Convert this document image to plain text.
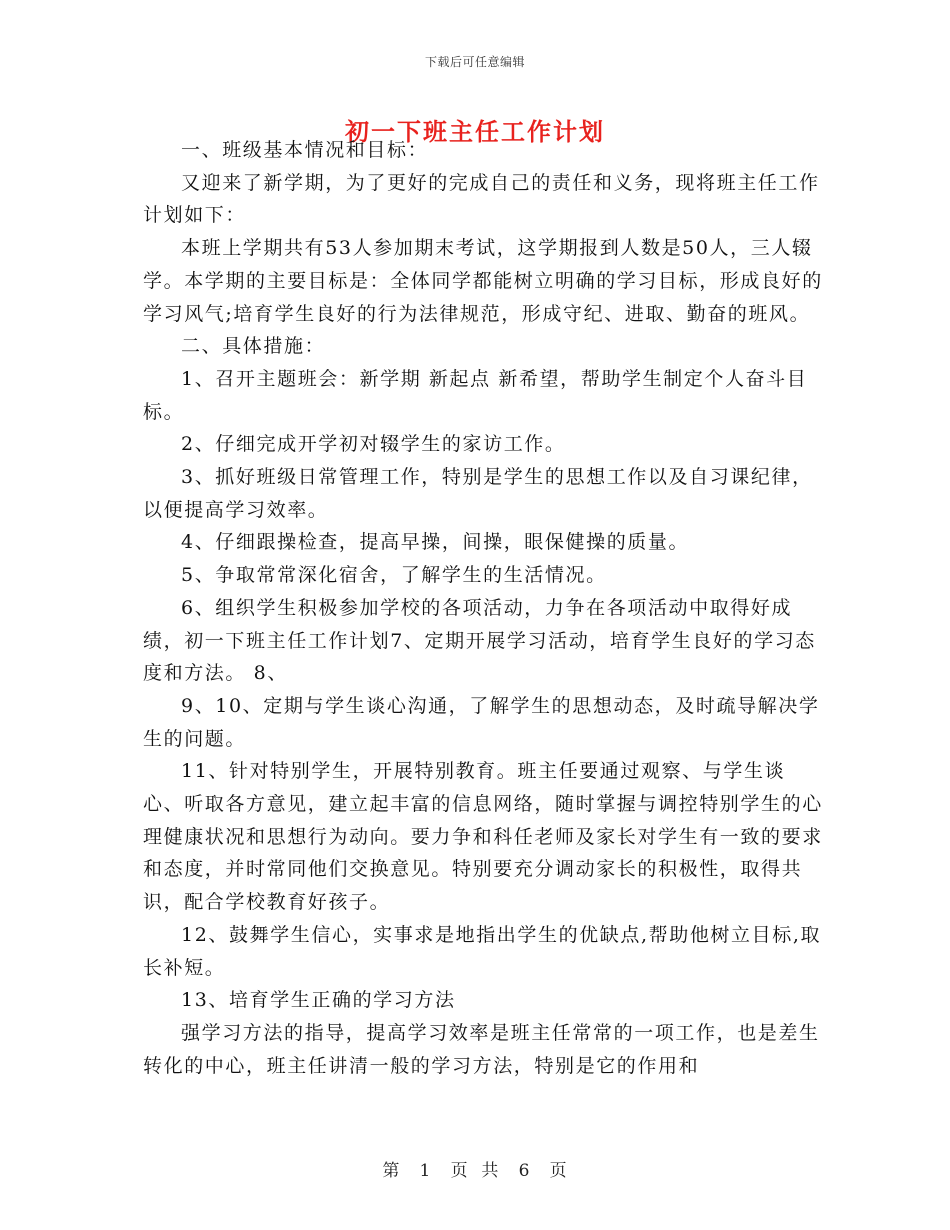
下载后可任意编辑
初一下班主任工作计划

一、班级基本情况和目标：

又迎来了新学期，为了更好的完成自己的责任和义务，现将班主任工作计划如下：

本班上学期共有53人参加期末考试，这学期报到人数是50人，三人辍学。本学期的主要目标是：全体同学都能树立明确的学习目标，形成良好的学习风气;培育学生良好的行为法律规范，形成守纪、进取、勤奋的班风。

二、具体措施：

1、召开主题班会：新学期 新起点 新希望，帮助学生制定个人奋斗目标。

2、仔细完成开学初对辍学生的家访工作。

3、抓好班级日常管理工作，特别是学生的思想工作以及自习课纪律，以便提高学习效率。

4、仔细跟操检查，提高早操，间操，眼保健操的质量。

5、争取常常深化宿舍，了解学生的生活情况。

6、组织学生积极参加学校的各项活动，力争在各项活动中取得好成绩，初一下班主任工作计划7、定期开展学习活动，培育学生良好的学习态度和方法。 8、

9、10、定期与学生谈心沟通，了解学生的思想动态，及时疏导解决学生的问题。

11、针对特别学生，开展特别教育。班主任要通过观察、与学生谈心、听取各方意见，建立起丰富的信息网络，随时掌握与调控特别学生的心理健康状况和思想行为动向。要力争和科任老师及家长对学生有一致的要求和态度，并时常同他们交换意见。特别要充分调动家长的积极性，取得共识，配合学校教育好孩子。

12、鼓舞学生信心，实事求是地指出学生的优缺点,帮助他树立目标,取长补短。

13、培育学生正确的学习方法

强学习方法的指导，提高学习效率是班主任常常的一项工作，也是差生转化的中心，班主任讲清一般的学习方法，特别是它的作用和

第 1 页  共 6 页
